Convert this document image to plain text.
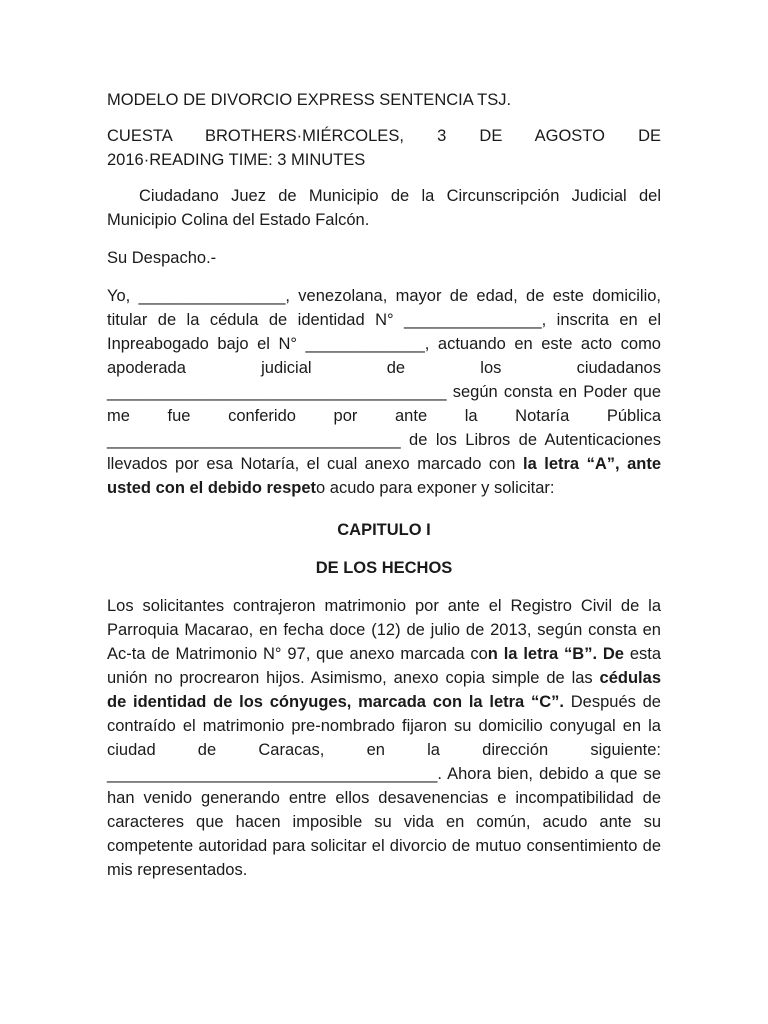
MODELO DE DIVORCIO EXPRESS SENTENCIA TSJ.

CUESTA BROTHERS·MIÉRCOLES, 3 DE AGOSTO DE
2016·READING TIME: 3 MINUTES

Ciudadano Juez de Municipio de la Circunscripción Judicial del Municipio Colina del Estado Falcón.

Su Despacho.-

Yo, ________________, venezolana, mayor de edad, de este domicilio, titular de la cédula de identidad N° _______________, inscrita en el Inpreabogado bajo el N° _____________, actuando en este acto como apoderada judicial de los ciudadanos _____________________________________ según consta en Poder que me fue conferido por ante la Notaría Pública ________________________________ de los Libros de Autenticaciones llevados por esa Notaría, el cual anexo marcado con la letra “A”, ante usted con el debido respeto acudo para exponer y solicitar:

CAPITULO I

DE LOS HECHOS

Los solicitantes contrajeron matrimonio por ante el Registro Civil de la Parroquia Macarao, en fecha doce (12) de julio de 2013, según consta en Ac-ta de Matrimonio N° 97, que anexo marcada con la letra “B”. De esta unión no procrearon hijos. Asimismo, anexo copia simple de las cédulas de identidad de los cónyuges, marcada con la letra “C”. Después de contraído el matrimonio pre-nombrado fijaron su domicilio conyugal en la ciudad de Caracas, en la dirección siguiente: ____________________________________. Ahora bien, debido a que se han venido generando entre ellos desavenencias e incompatibilidad de caracteres que hacen imposible su vida en común, acudo ante su competente autoridad para solicitar el divorcio de mutuo consentimiento de mis representados.
